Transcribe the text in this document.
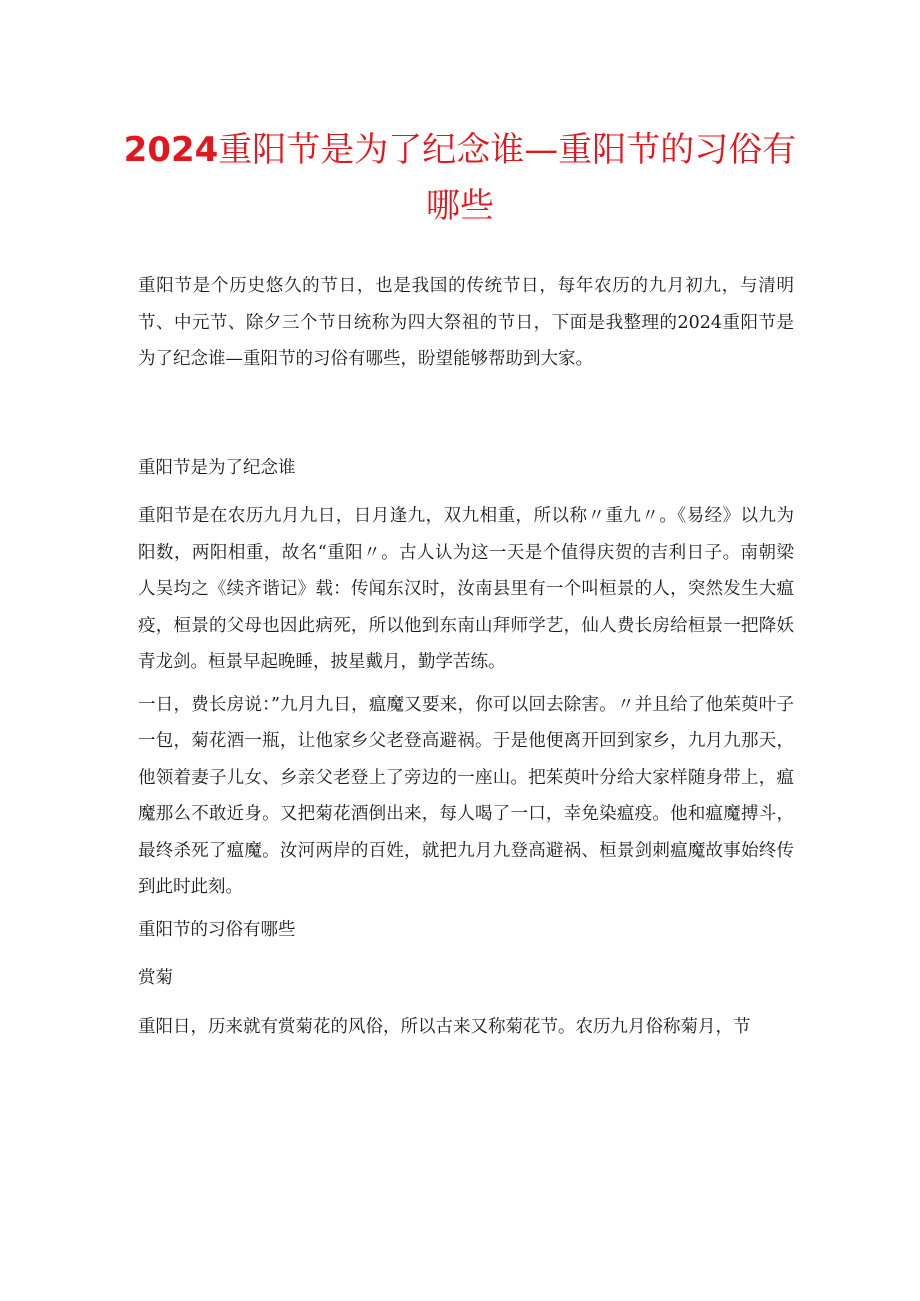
2024重阳节是为了纪念谁—重阳节的习俗有哪些

重阳节是个历史悠久的节日，也是我国的传统节日，每年农历的九月初九，与清明节、中元节、除夕三个节日统称为四大祭祖的节日，下面是我整理的2024重阳节是为了纪念谁—重阳节的习俗有哪些，盼望能够帮助到大家。

重阳节是为了纪念谁

重阳节是在农历九月九日，日月逢九，双九相重，所以称〃重九〃。《易经》以九为阳数，两阳相重，故名“重阳〃。古人认为这一天是个值得庆贺的吉利日子。南朝梁人吴均之《续齐谐记》载：传闻东汉时，汝南县里有一个叫桓景的人，突然发生大瘟疫，桓景的父母也因此病死，所以他到东南山拜师学艺，仙人费长房给桓景一把降妖青龙剑。桓景早起晚睡，披星戴月，勤学苦练。

一日，费长房说：”九月九日，瘟魔又要来，你可以回去除害。〃并且给了他茱萸叶子一包，菊花酒一瓶，让他家乡父老登高避祸。于是他便离开回到家乡，九月九那天，他领着妻子儿女、乡亲父老登上了旁边的一座山。把茱萸叶分给大家样随身带上，瘟魔那么不敢近身。又把菊花酒倒出来，每人喝了一口，幸免染瘟疫。他和瘟魔搏斗，最终杀死了瘟魔。汝河两岸的百姓，就把九月九登高避祸、桓景剑刺瘟魔故事始终传到此时此刻。

重阳节的习俗有哪些

赏菊

重阳日，历来就有赏菊花的风俗，所以古来又称菊花节。农历九月俗称菊月，节
